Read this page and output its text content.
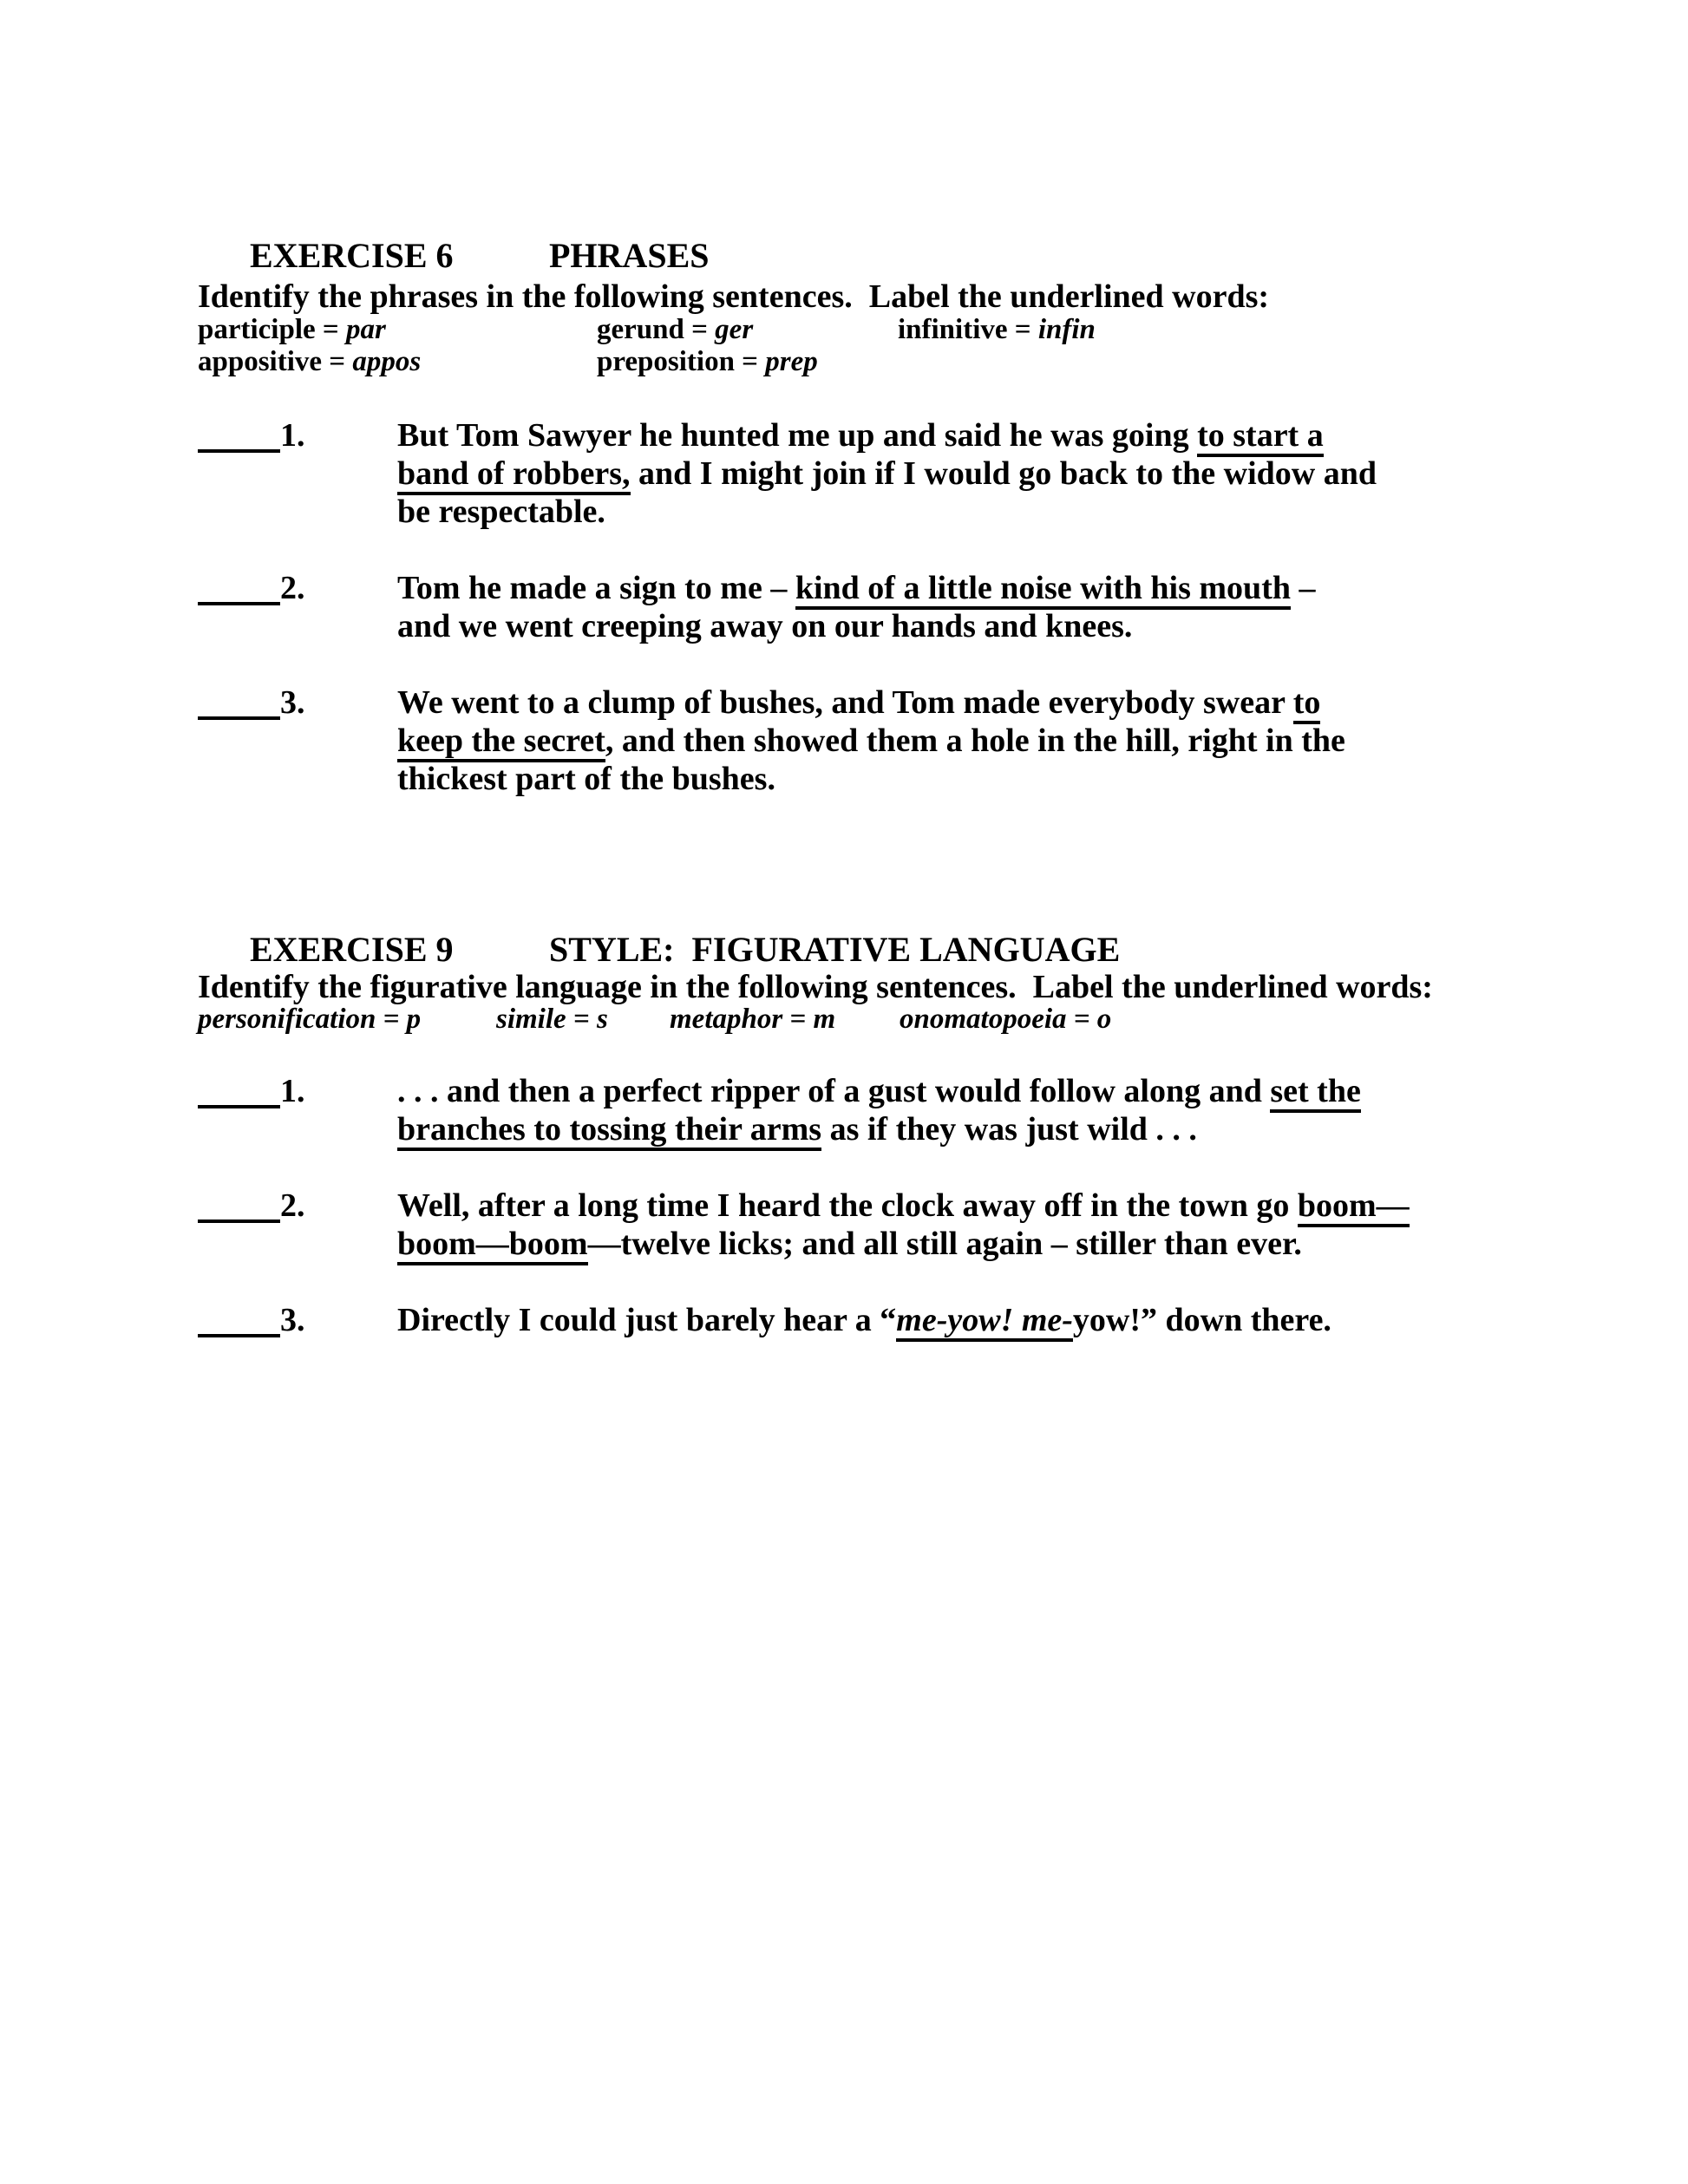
EXERCISE 6	PHRASES

Identify the phrases in the following sentences.  Label the underlined words:
participle = par	gerund = ger	infinitive = infin
appositive = appos	preposition = prep
1.	But Tom Sawyer he hunted me up and said he was going to start a
band of robbers, and I might join if I would go back to the widow and
be respectable.
2.	Tom he made a sign to me – kind of a little noise with his mouth –
and we went creeping away on our hands and knees.
3.	We went to a clump of bushes, and Tom made everybody swear to
keep the secret, and then showed them a hole in the hill, right in the
thickest part of the bushes.

EXERCISE 9	STYLE:  FIGURATIVE LANGUAGE

Identify the figurative language in the following sentences.  Label the underlined words:
personification = p	simile = s metaphor = m onomatopoeia = o
1.	. . . and then a perfect ripper of a gust would follow along and set the
branches to tossing their arms as if they was just wild . . .
2.	Well, after a long time I heard the clock away off in the town go boom—
boom—boom—twelve licks; and all still again – stiller than ever.
3.	Directly I could just barely hear a “me-yow! me-yow!” down there.
